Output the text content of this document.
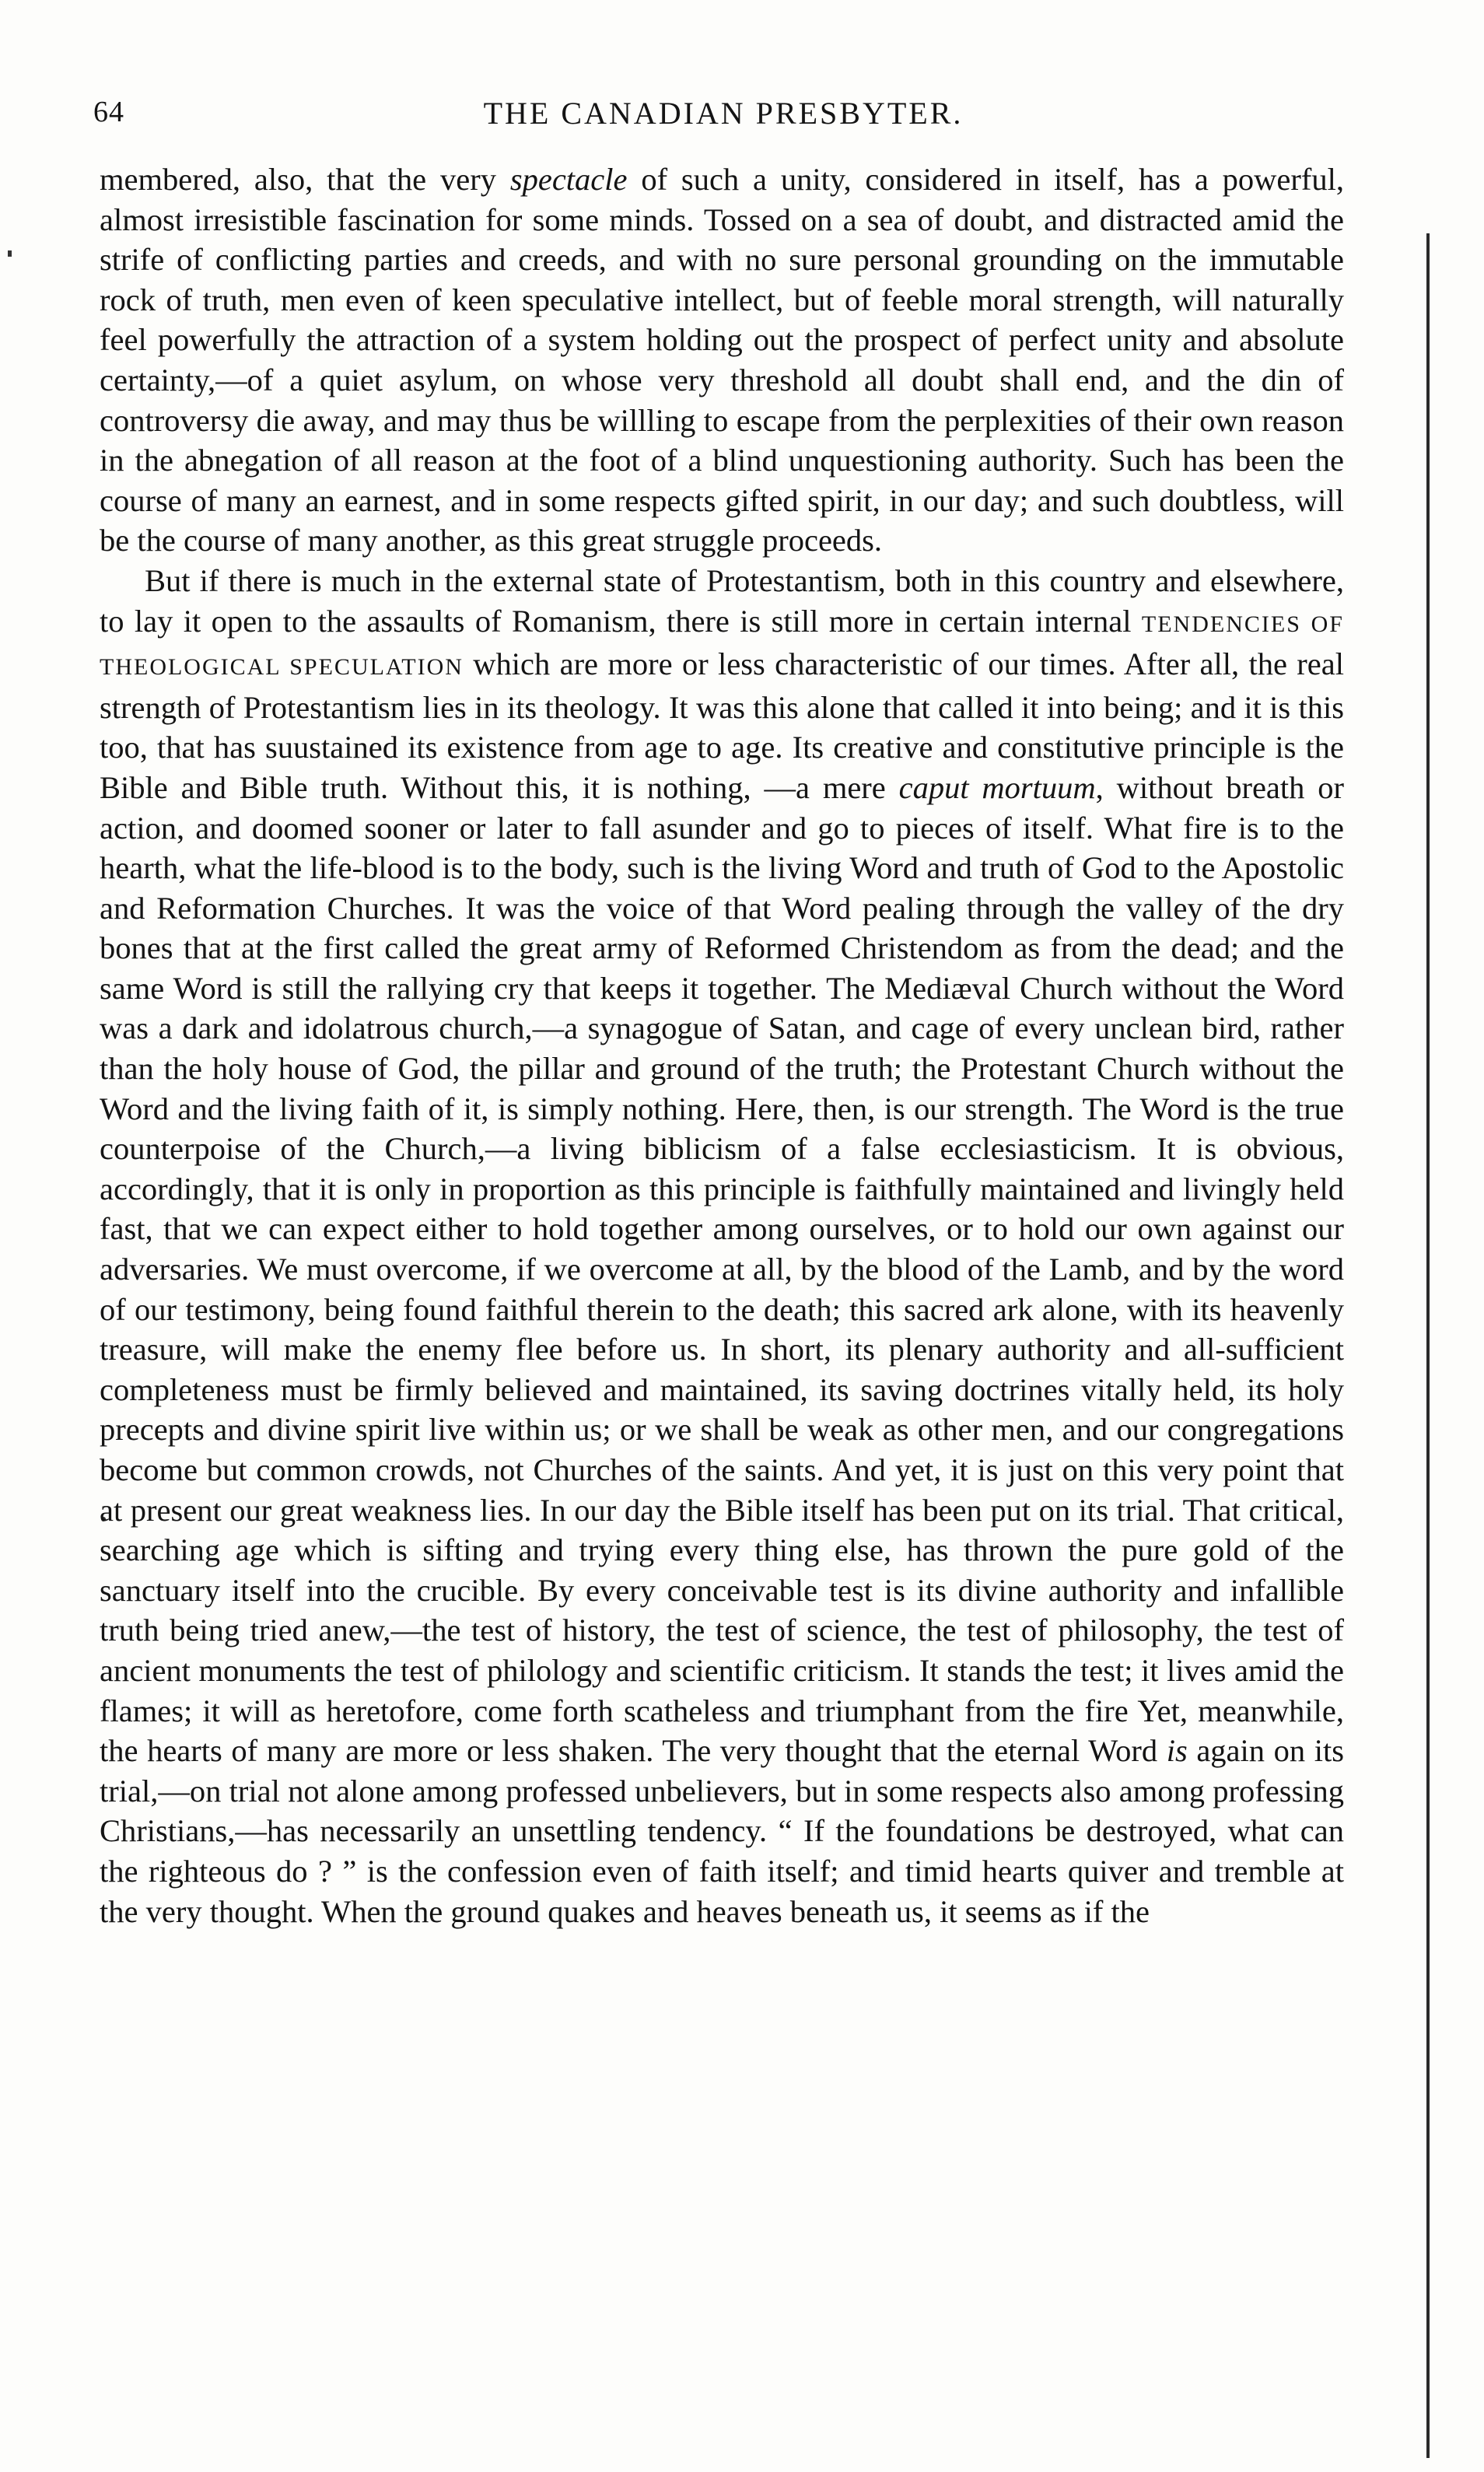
64	THE CANADIAN PRESBYTER.

membered, also, that the very spectacle of such a unity, considered in itself, has a powerful, almost irresistible fascination for some minds. Tossed on a sea of doubt, and distracted amid the strife of conflicting parties and creeds, and with no sure personal grounding on the immutable rock of truth, men even of keen speculative intellect, but of feeble moral strength, will naturally feel powerfully the attraction of a system holding out the prospect of perfect unity and absolute certainty,—of a quiet asylum, on whose very threshold all doubt shall end, and the din of controversy die away, and may thus be willling to escape from the perplexities of their own reason in the abnegation of all reason at the foot of a blind unquestioning authority. Such has been the course of many an earnest, and in some respects gifted spirit, in our day; and such doubtless, will be the course of many another, as this great struggle proceeds.

But if there is much in the external state of Protestantism, both in this country and elsewhere, to lay it open to the assaults of Romanism, there is still more in certain internal TENDENCIES OF THEOLOGICAL SPECULATION which are more or less characteristic of our times. After all, the real strength of Protestantism lies in its theology. It was this alone that called it into being; and it is this too, that has suustained its existence from age to age. Its creative and constitutive principle is the Bible and Bible truth. Without this, it is nothing, —a mere caput mortuum, without breath or action, and doomed sooner or later to fall asunder and go to pieces of itself. What fire is to the hearth, what the life-blood is to the body, such is the living Word and truth of God to the Apostolic and Reformation Churches. It was the voice of that Word pealing through the valley of the dry bones that at the first called the great army of Reformed Christendom as from the dead; and the same Word is still the rallying cry that keeps it together. The Mediæval Church without the Word was a dark and idolatrous church,—a synagogue of Satan, and cage of every unclean bird, rather than the holy house of God, the pillar and ground of the truth; the Protestant Church without the Word and the living faith of it, is simply nothing. Here, then, is our strength. The Word is the true counterpoise of the Church,—a living biblicism of a false ecclesiasticism. It is obvious, accordingly, that it is only in proportion as this principle is faithfully maintained and livingly held fast, that we can expect either to hold together among ourselves, or to hold our own against our adversaries. We must overcome, if we overcome at all, by the blood of the Lamb, and by the word of our testimony, being found faithful therein to the death; this sacred ark alone, with its heavenly treasure, will make the enemy flee before us. In short, its plenary authority and all-sufficient completeness must be firmly believed and maintained, its saving doctrines vitally held, its holy precepts and divine spirit live within us; or we shall be weak as other men, and our congregations become but common crowds, not Churches of the saints. And yet, it is just on this very point that at present our great weakness lies. In our day the Bible itself has been put on its trial. That critical, searching age which is sifting and trying every thing else, has thrown the pure gold of the sanctuary itself into the crucible. By every conceivable test is its divine authority and infallible truth being tried anew,—the test of history, the test of science, the test of philosophy, the test of ancient monuments the test of philology and scientific criticism. It stands the test; it lives amid the flames; it will as heretofore, come forth scatheless and triumphant from the fire Yet, meanwhile, the hearts of many are more or less shaken. The very thought that the eternal Word is again on its trial,—on trial not alone among professed unbelievers, but in some respects also among professing Christians,—has necessarily an unsettling tendency. “ If the foundations be destroyed, what can the righteous do ? ” is the confession even of faith itself; and timid hearts quiver and tremble at the very thought. When the ground quakes and heaves beneath us, it seems as if the
